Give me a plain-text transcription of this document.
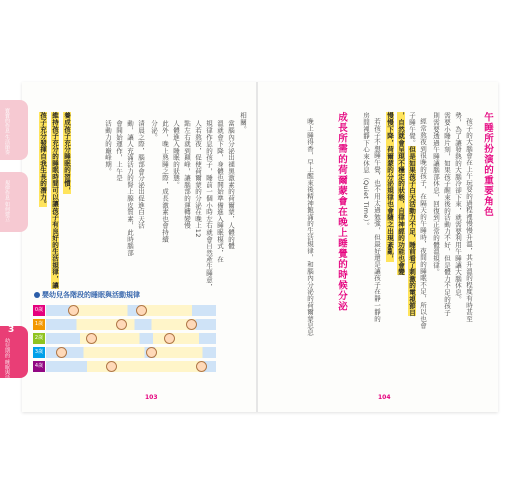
寶寶的作息 生活節奏
規律作息 如何建立
3
幼兒期的 睡眠與活動 規律
相關。
當腦內分泌出褪黑激素的荷爾蒙，人體的體
溫就會下降，身體也開始準備進入睡眠模式，在
規律作息的孩子，睡前一個小時左右就會自然產生睡意，
人若熬夜，促使荷爾蒙的分泌在晚上12
點左右就到顛峰，讓腦部的運轉變慢
人體進入睡眠的狀態。
此外，晚上熟睡之際，成長激素也會持續
分泌。
清晨之際，腦部會分泌出促進白天活
動，讓人充滿活力的腎上腺皮質素，此時腦部
會開始運作，上午是
活動力的巔峰期。
養成孩子充分睡眠的習慣，
維持孩子充分的睡眠時間可以讓孩子有良好的生活規律，讓
孩子充分發揮自我生長的潛力。
嬰幼兒各階段的睡眠與活動規律
0歲
1歲
2歲
3歲
4歲
103
午睡所扮演的重要角色
孩子的大腦會在上午玩耍的過程裡慢慢升溫，其升溫的程度有時甚至
勢，為了讓發熱的大腦冷卻下來，就需要利用午睡讓大腦休息。
需要小睡片刻，如果孩子醒來後的活動力不好，但是體力不足的孩子
則需要透過午睡讓腦部休息，回復到正常的體溫規律。
經常熬夜到很晚的孩子，在隔天的午睡時，夜間的睡眠不足，所以也會
子睡午覺。但是如果孩子白天活動力不足，睡前看了刺激的電視節目
，自然就會呈現不穩定的狀態，自律神經的功能也會變
慢慢下降，荷爾蒙的分泌規律也會隨之出現紊亂，
若孩子不想睡午覺，也不用太過勉強，但最好還是讓孩子在靜一靜的
房間裡靜下心來休息（Quiet Time）。
成長所需的荷爾蒙會在晚上睡覺的時候分泌
晚上睡得香，早上醒來後精神飽滿的生活規律，和腦內分泌的荷爾蒙息息
104
